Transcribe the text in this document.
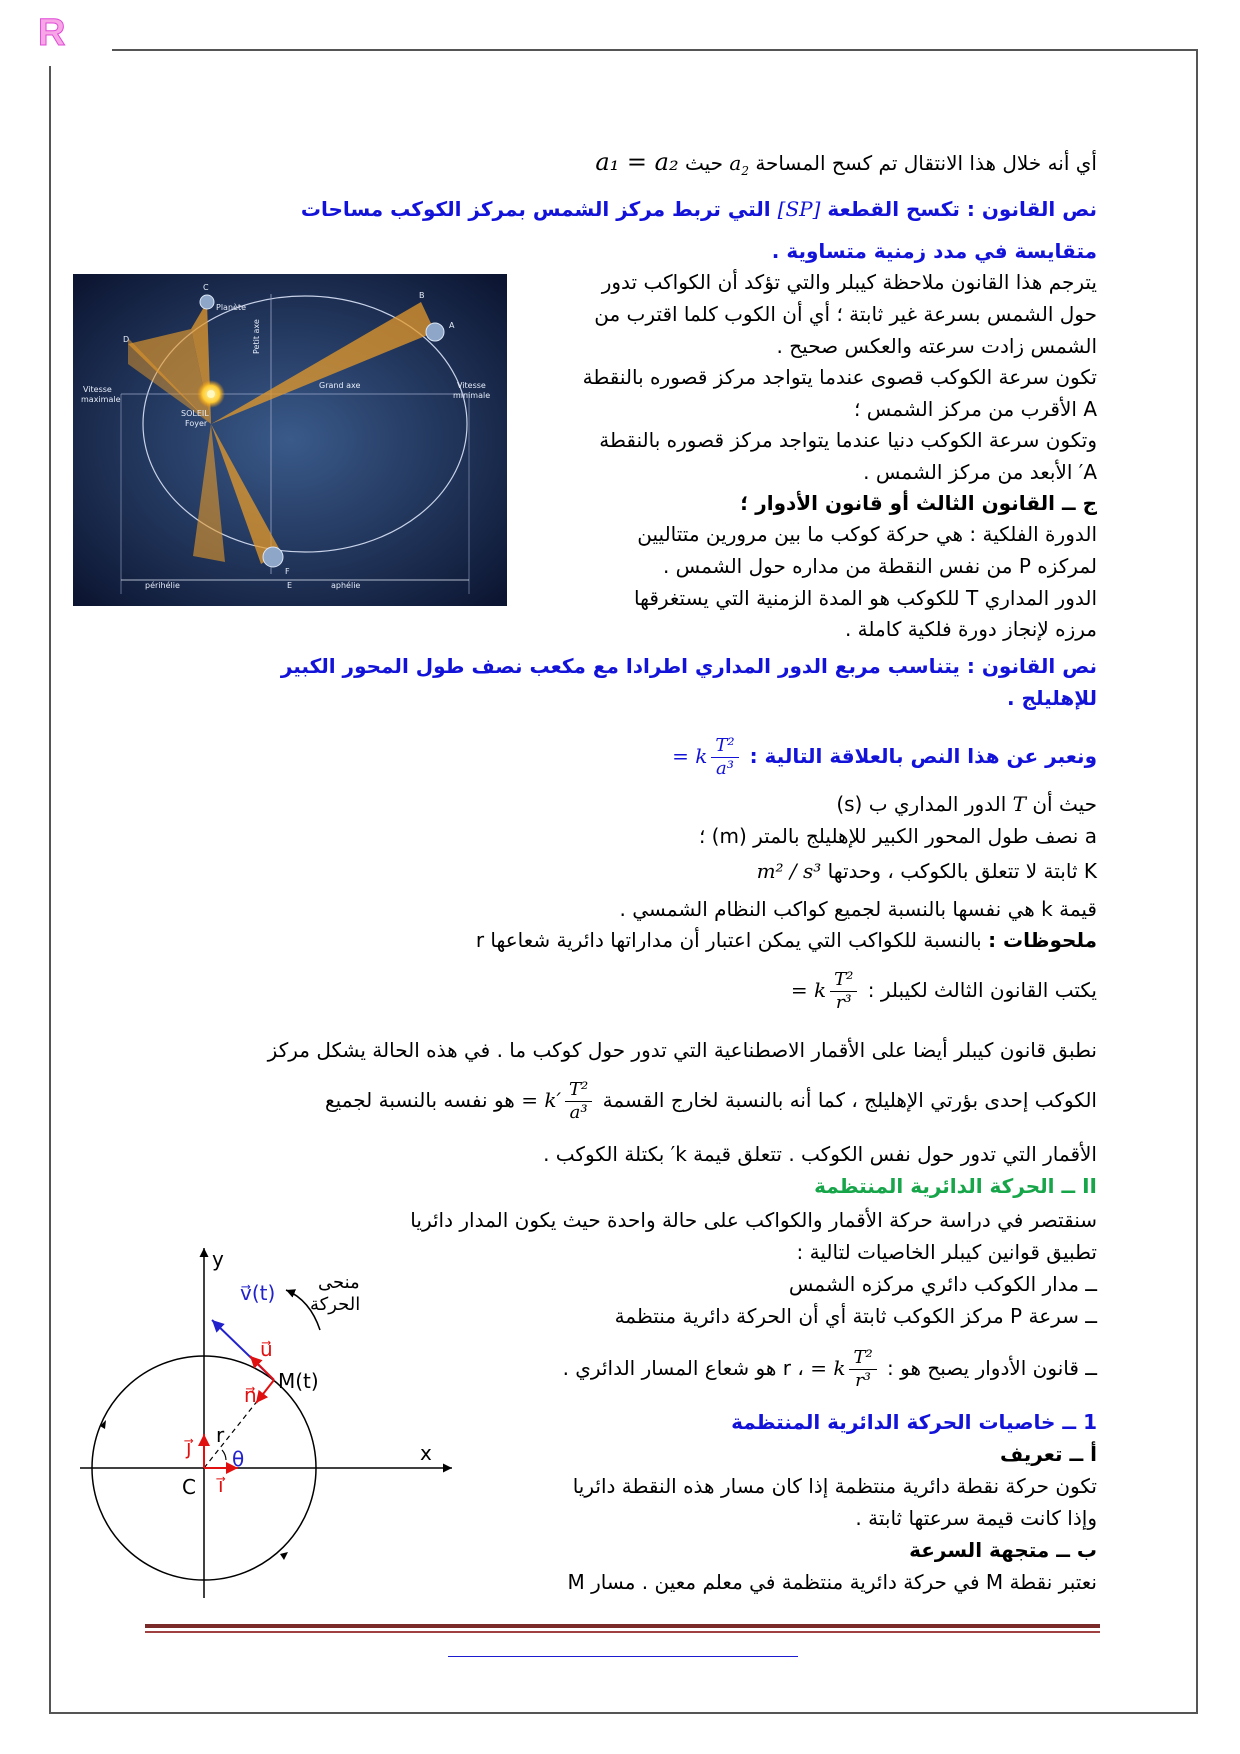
R
أي أنه خلال هذا الانتقال تم كسح المساحة $a_2$ حيث a₁ = a₂
نص القانون : تكسح القطعة [SP] التي تربط مركز الشمس بمركز الكوكب مساحات
متقايسة في مدد زمنية متساوية .
يترجم هذا القانون ملاحظة كيبلر والتي تؤكد أن الكواكب تدور
حول الشمس بسرعة غير ثابتة ؛ أي أن الكوب كلما اقترب من
الشمس زادت سرعته والعكس صحيح .
تكون سرعة الكوكب قصوى عندما يتواجد مركز قصوره بالنقطة
A الأقرب من مركز الشمس ؛
وتكون سرعة الكوكب دنيا عندما يتواجد مركز قصوره بالنقطة
A′ الأبعد من مركز الشمس .
ج ــ القانون الثالث أو قانون الأدوار ؛
الدورة الفلكية : هي حركة كوكب ما بين مرورين متتاليين
لمركزه P من نفس النقطة من مداره حول الشمس .
الدور المداري T للكوكب هو المدة الزمنية التي يستغرقها
مرزه لإنجاز دورة فلكية كاملة .
نص القانون : يتناسب مربع الدور المداري اطرادا مع مكعب نصف طول المحور الكبير
للإهليلج .
ونعبر عن هذا النص بالعلاقة التالية :
$\frac{\text{T²}}{\text{a³}}$
= k
حيث أن T الدور المداري ب (s)
a نصف طول المحور الكبير للإهليلج بالمتر (m) ؛
K ثابتة لا تتعلق بالكوكب ، وحدتها m² / s³
قيمة k هي نفسها بالنسبة لجميع كواكب النظام الشمسي .
ملحوظات : بالنسبة للكواكب التي يمكن اعتبار أن مداراتها دائرية شعاعها r
يكتب القانون الثالث لكيبلر :
$\frac{\text{T²}}{\text{r³}}$
= k
نطبق قانون كيبلر أيضا على الأقمار الاصطناعية التي تدور حول كوكب ما . في هذه الحالة يشكل مركز
الكوكب إحدى بؤرتي الإهليلج ، كما أنه بالنسبة لخارج القسمة
$\frac{\text{T²}}{\text{a³}}$
= k′ هو نفسه بالنسبة لجميع
الأقمار التي تدور حول نفس الكوكب . تتعلق قيمة k′ بكتلة الكوكب .
II ــ الحركة الدائرية المنتظمة
سنقتصر في دراسة حركة الأقمار والكواكب على حالة واحدة حيث يكون المدار دائريا
تطبيق قوانين كيبلر الخاصيات لتالية :
ــ مدار الكوكب دائري مركزه الشمس
ــ سرعة P مركز الكوكب ثابتة أي أن الحركة دائرية منتظمة
ــ قانون الأدوار يصبح هو :
$\frac{\text{T²}}{\text{r³}}$
= k ، r هو شعاع المسار الدائري .
1 ــ خاصيات الحركة الدائرية المنتظمة
أ ــ تعريف
تكون حركة نقطة دائرية منتظمة إذا كان مسار هذه النقطة دائريا
وإذا كانت قيمة سرعتها ثابتة .
ب ــ متجهة السرعة
نعتبر نقطة M في حركة دائرية منتظمة في معلم معين . مسار M
Planète
Petit axe
Grand axe
Vitesse
maximale
Vitesse
minimale
SOLEIL
Foyer
périhélie	aphélie
C
B
A
D
F
E
y
x
v⃗(t)
u⃗
M(t)
n⃗
r
θ
j⃗
i⃗
C
منحى
الحركة
